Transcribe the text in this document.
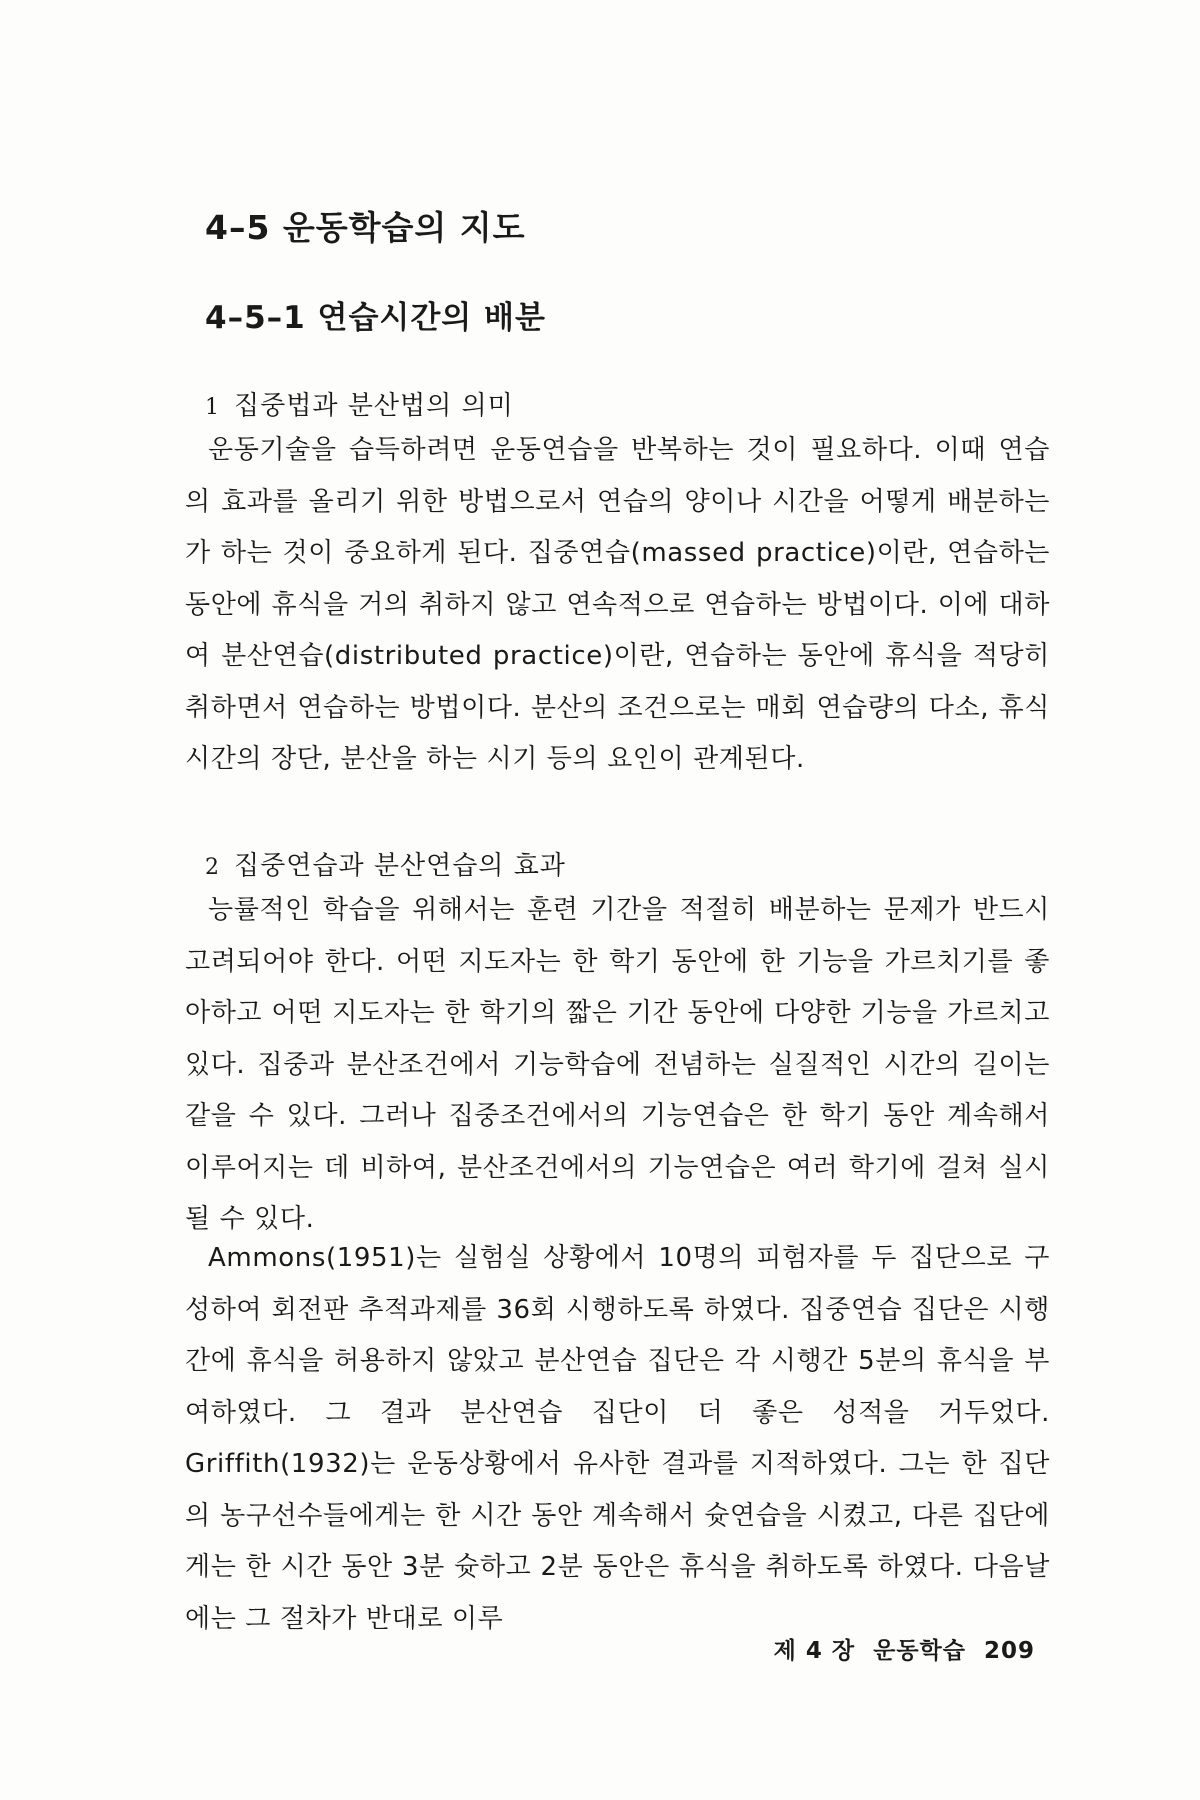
4–5 운동학습의 지도
4–5–1 연습시간의 배분
1 집중법과 분산법의 의미

운동기술을 습득하려면 운동연습을 반복하는 것이 필요하다. 이때 연습의 효과를 올리기 위한 방법으로서 연습의 양이나 시간을 어떻게 배분하는가 하는 것이 중요하게 된다. 집중연습(massed practice)이란, 연습하는 동안에 휴식을 거의 취하지 않고 연속적으로 연습하는 방법이다. 이에 대하여 분산연습(distributed practice)이란, 연습하는 동안에 휴식을 적당히 취하면서 연습하는 방법이다. 분산의 조건으로는 매회 연습량의 다소, 휴식 시간의 장단, 분산을 하는 시기 등의 요인이 관계된다.

2 집중연습과 분산연습의 효과

능률적인 학습을 위해서는 훈련 기간을 적절히 배분하는 문제가 반드시 고려되어야 한다. 어떤 지도자는 한 학기 동안에 한 기능을 가르치기를 좋아하고 어떤 지도자는 한 학기의 짧은 기간 동안에 다양한 기능을 가르치고 있다. 집중과 분산조건에서 기능학습에 전념하는 실질적인 시간의 길이는 같을 수 있다. 그러나 집중조건에서의 기능연습은 한 학기 동안 계속해서 이루어지는 데 비하여, 분산조건에서의 기능연습은 여러 학기에 걸쳐 실시될 수 있다.

Ammons(1951)는 실험실 상황에서 10명의 피험자를 두 집단으로 구성하여 회전판 추적과제를 36회 시행하도록 하였다. 집중연습 집단은 시행간에 휴식을 허용하지 않았고 분산연습 집단은 각 시행간 5분의 휴식을 부여하였다. 그 결과 분산연습 집단이 더 좋은 성적을 거두었다. Griffith(1932)는 운동상황에서 유사한 결과를 지적하였다. 그는 한 집단의 농구선수들에게는 한 시간 동안 계속해서 슛연습을 시켰고, 다른 집단에게는 한 시간 동안 3분 슛하고 2분 동안은 휴식을 취하도록 하였다. 다음날에는 그 절차가 반대로 이루

제 4 장 운동학습 209
